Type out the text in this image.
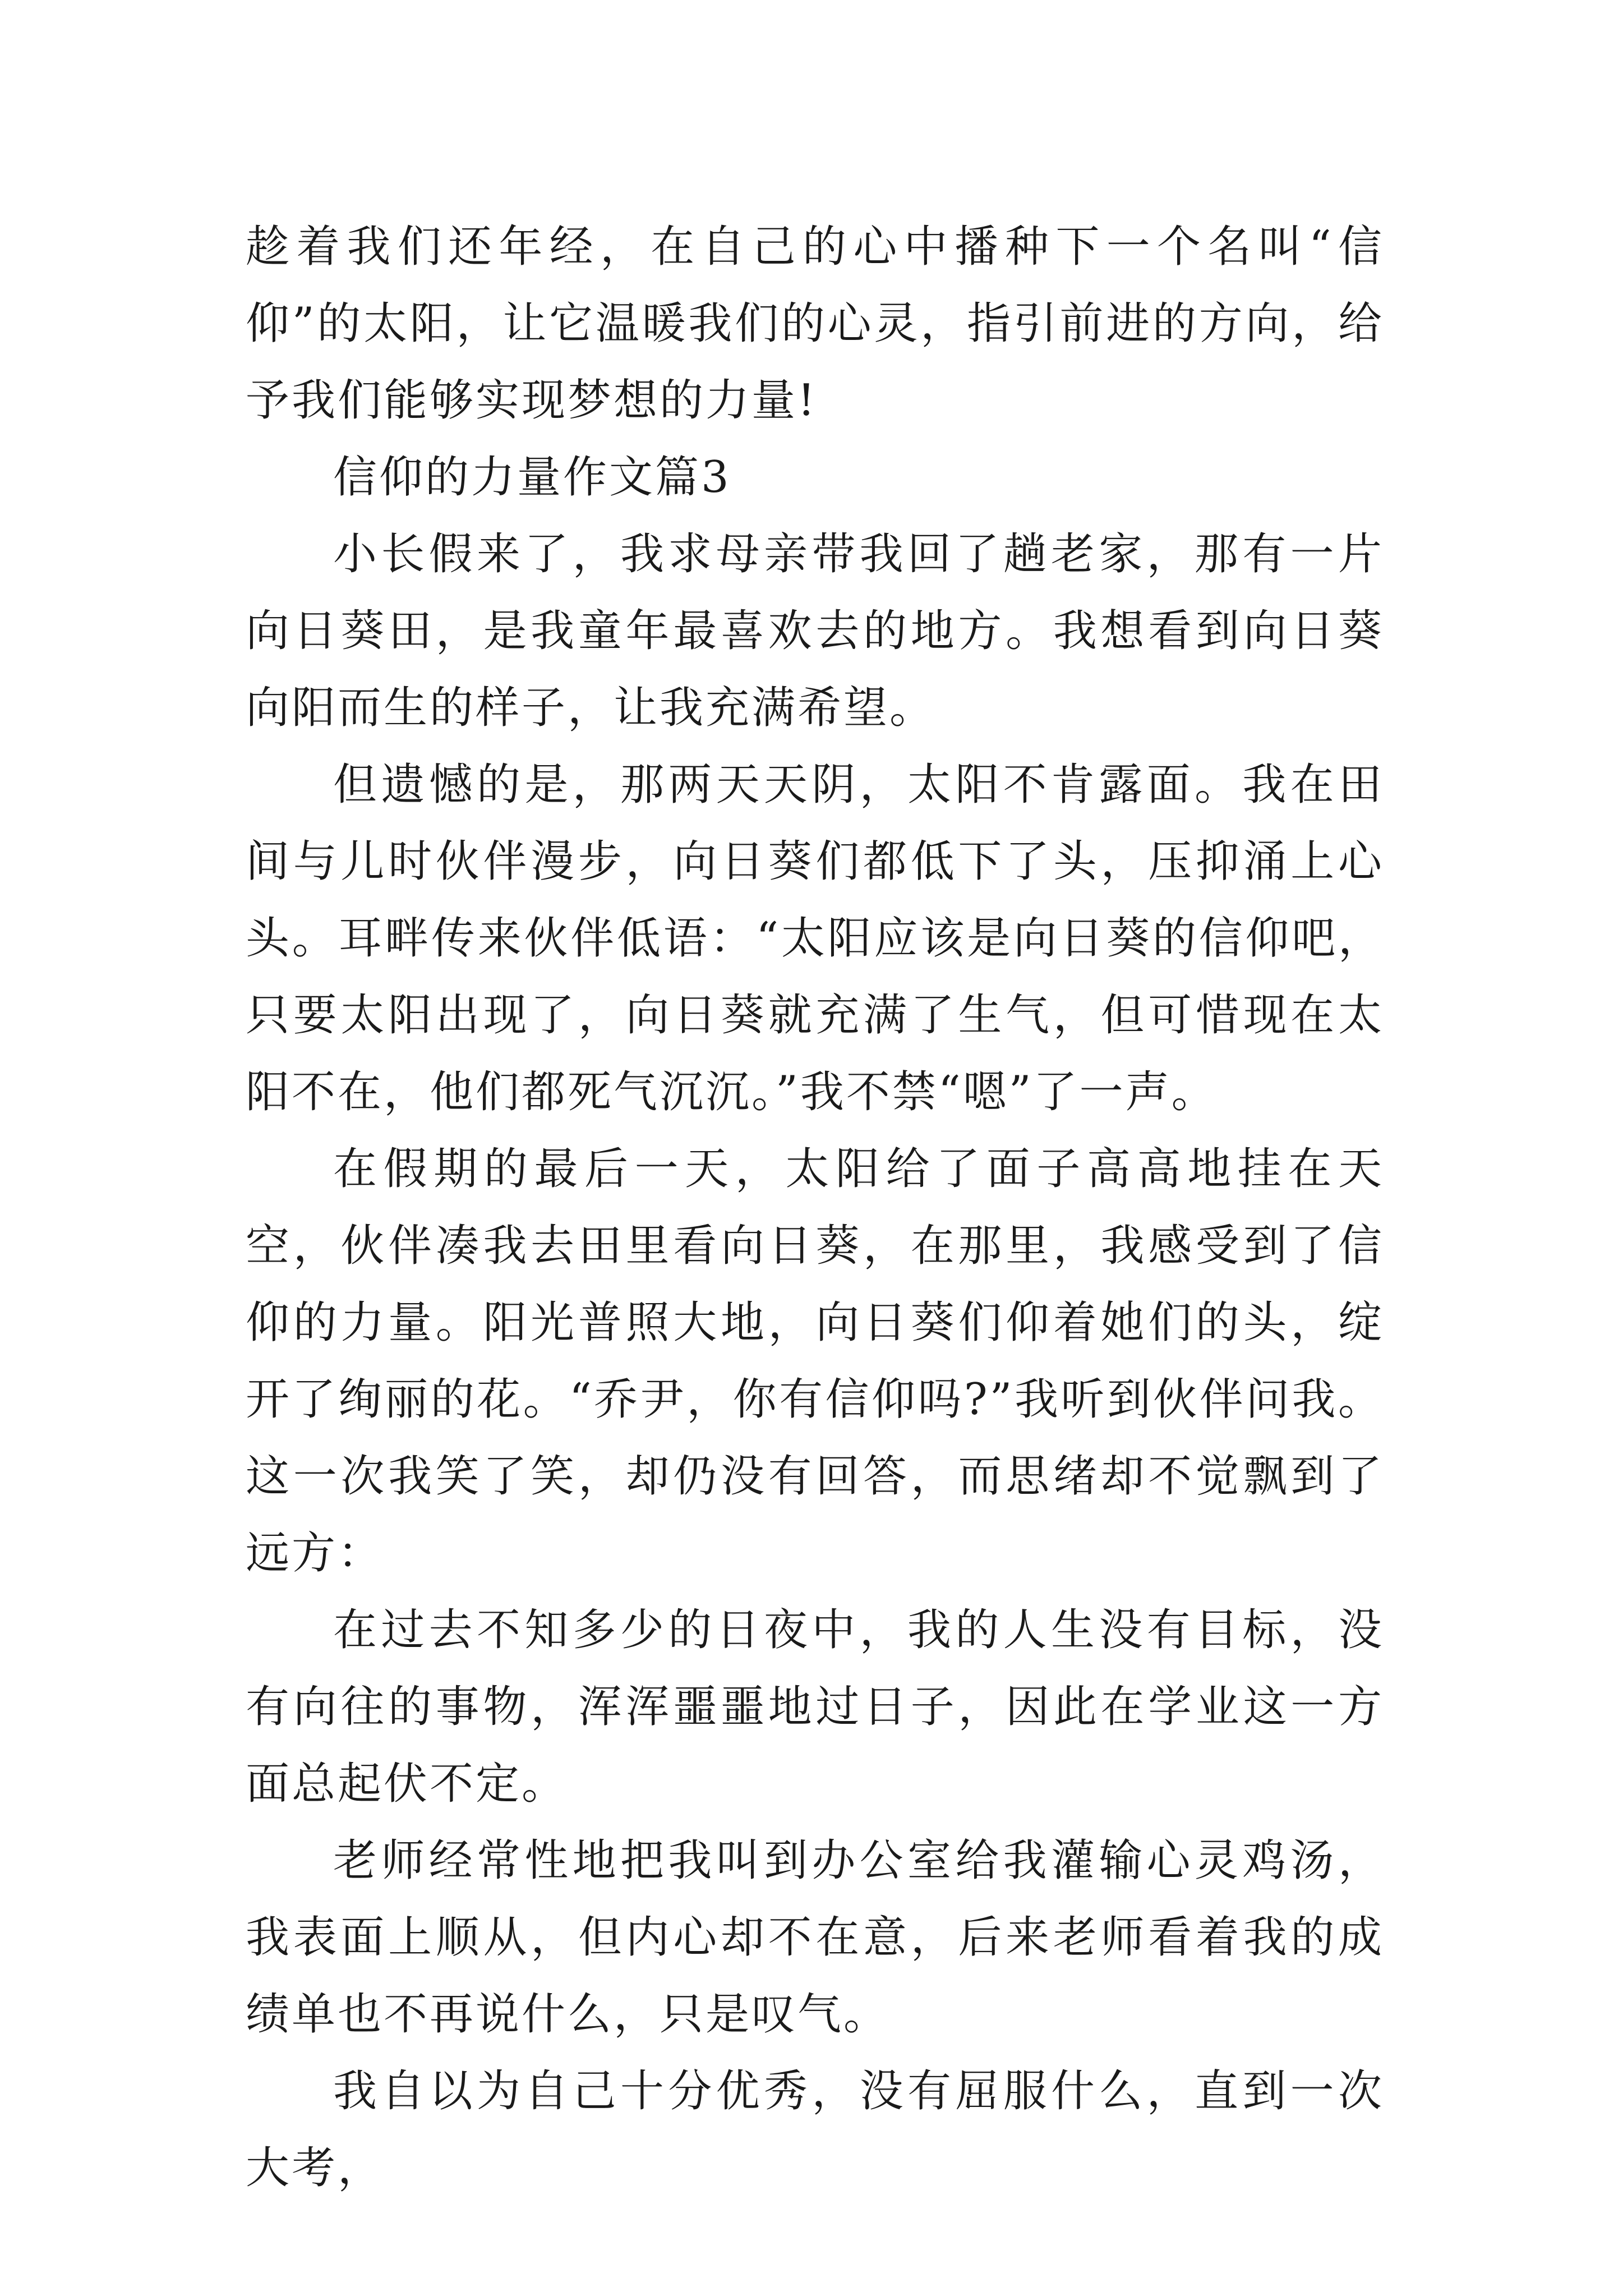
趁着我们还年经，在自己的心中播种下一个名叫“信仰”的太阳，让它温暖我们的心灵，指引前进的方向，给予我们能够实现梦想的力量!

信仰的力量作文篇3

小长假来了，我求母亲带我回了趟老家，那有一片向日葵田，是我童年最喜欢去的地方。我想看到向日葵向阳而生的样子，让我充满希望。

但遗憾的是，那两天天阴，太阳不肯露面。我在田间与儿时伙伴漫步，向日葵们都低下了头，压抑涌上心头。耳畔传来伙伴低语：“太阳应该是向日葵的信仰吧，只要太阳出现了，向日葵就充满了生气，但可惜现在太阳不在，他们都死气沉沉。”我不禁“嗯”了一声。

在假期的最后一天，太阳给了面子高高地挂在天空，伙伴凑我去田里看向日葵，在那里，我感受到了信仰的力量。阳光普照大地，向日葵们仰着她们的头，绽开了绚丽的花。“乔尹，你有信仰吗?”我听到伙伴问我。这一次我笑了笑，却仍没有回答，而思绪却不觉飘到了远方：

在过去不知多少的日夜中，我的人生没有目标，没有向往的事物，浑浑噩噩地过日子，因此在学业这一方面总起伏不定。

老师经常性地把我叫到办公室给我灌输心灵鸡汤，我表面上顺从，但内心却不在意，后来老师看着我的成绩单也不再说什么，只是叹气。

我自以为自己十分优秀，没有屈服什么，直到一次大考，
